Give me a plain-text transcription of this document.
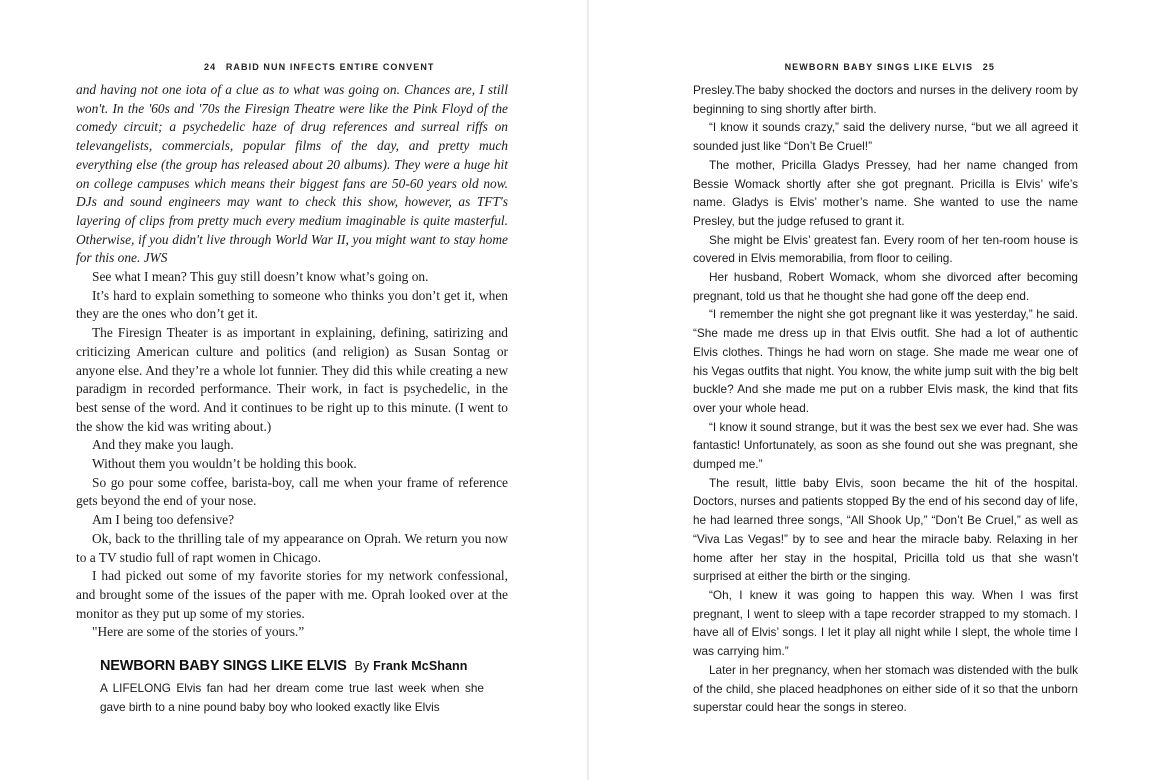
24 RABID NUN INFECTS ENTIRE CONVENT

and having not one iota of a clue as to what was going on. Chances are, I still won't. In the '60s and '70s the Firesign Theatre were like the Pink Floyd of the comedy circuit; a psychedelic haze of drug references and surreal riffs on televangelists, commercials, popular films of the day, and pretty much everything else (the group has released about 20 albums). They were a huge hit on college campuses which means their biggest fans are 50-60 years old now. DJs and sound engineers may want to check this show, however, as TFT's layering of clips from pretty much every medium imaginable is quite masterful. Otherwise, if you didn't live through World War II, you might want to stay home for this one. JWS

See what I mean? This guy still doesn’t know what’s going on.

It’s hard to explain something to someone who thinks you don’t get it, when they are the ones who don’t get it.

The Firesign Theater is as important in explaining, defining, satirizing and criticizing American culture and politics (and religion) as Susan Sontag or anyone else. And they’re a whole lot funnier. They did this while creating a new paradigm in recorded performance. Their work, in fact is psychedelic, in the best sense of the word. And it continues to be right up to this minute. (I went to the show the kid was writing about.)

And they make you laugh.

Without them you wouldn’t be holding this book.

So go pour some coffee, barista-boy, call me when your frame of reference gets beyond the end of your nose.

Am I being too defensive?

Ok, back to the thrilling tale of my appearance on Oprah. We return you now to a TV studio full of rapt women in Chicago.

I had picked out some of my favorite stories for my network confessional, and brought some of the issues of the paper with me. Oprah looked over at the monitor as they put up some of my stories.

"Here are some of the stories of yours.”

NEWBORN BABY SINGS LIKE ELVIS By Frank McShann
A LIFELONG Elvis fan had her dream come true last week when she gave birth to a nine pound baby boy who looked exactly like Elvis
NEWBORN BABY SINGS LIKE ELVIS 25

Presley.The baby shocked the doctors and nurses in the delivery room by beginning to sing shortly after birth.

“I know it sounds crazy,” said the delivery nurse, “but we all agreed it sounded just like “Don’t Be Cruel!”

The mother, Pricilla Gladys Pressey, had her name changed from Bessie Womack shortly after she got pregnant. Pricilla is Elvis’ wife’s name. Gladys is Elvis’ mother’s name. She wanted to use the name Presley, but the judge refused to grant it.

She might be Elvis’ greatest fan. Every room of her ten-room house is covered in Elvis memorabilia, from floor to ceiling.

Her husband, Robert Womack, whom she divorced after becoming pregnant, told us that he thought she had gone off the deep end.

“I remember the night she got pregnant like it was yesterday,” he said. “She made me dress up in that Elvis outfit. She had a lot of authentic Elvis clothes. Things he had worn on stage. She made me wear one of his Vegas outfits that night. You know, the white jump suit with the big belt buckle? And she made me put on a rubber Elvis mask, the kind that fits over your whole head.

“I know it sound strange, but it was the best sex we ever had. She was fantastic! Unfortunately, as soon as she found out she was pregnant, she dumped me.”

The result, little baby Elvis, soon became the hit of the hospital. Doctors, nurses and patients stopped By the end of his second day of life, he had learned three songs, “All Shook Up,” “Don’t Be Cruel,” as well as “Viva Las Vegas!” by to see and hear the miracle baby. Relaxing in her home after her stay in the hospital, Pricilla told us that she wasn’t surprised at either the birth or the singing.

“Oh, I knew it was going to happen this way. When I was first pregnant, I went to sleep with a tape recorder strapped to my stomach. I have all of Elvis’ songs. I let it play all night while I slept, the whole time I was carrying him.”

Later in her pregnancy, when her stomach was distended with the bulk of the child, she placed headphones on either side of it so that the unborn superstar could hear the songs in stereo.
